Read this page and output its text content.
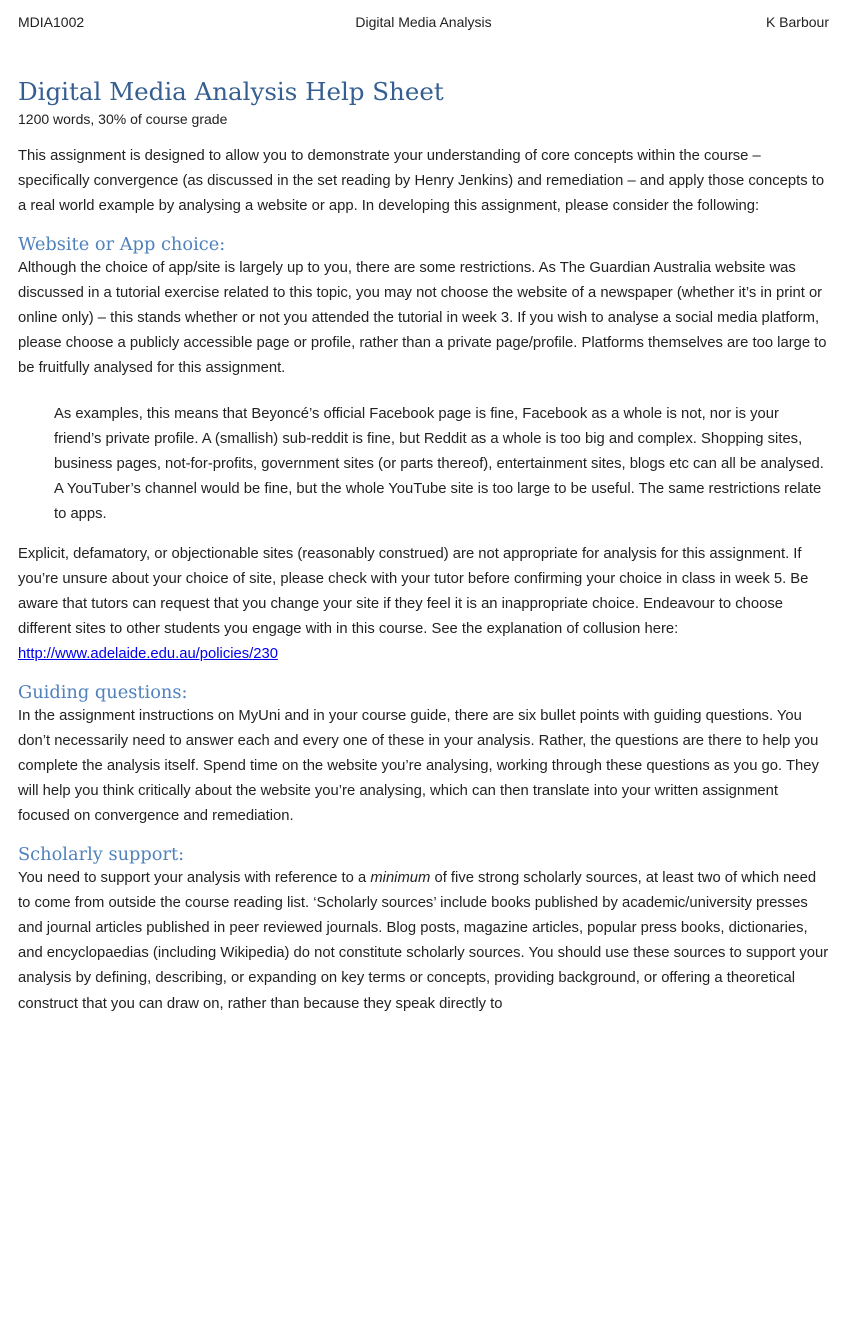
MDIA1002	Digital Media Analysis	K Barbour
Digital Media Analysis Help Sheet
1200 words, 30% of course grade

This assignment is designed to allow you to demonstrate your understanding of core concepts within the course – specifically convergence (as discussed in the set reading by Henry Jenkins) and remediation – and apply those concepts to a real world example by analysing a website or app. In developing this assignment, please consider the following:

Website or App choice:

Although the choice of app/site is largely up to you, there are some restrictions. As The Guardian Australia website was discussed in a tutorial exercise related to this topic, you may not choose the website of a newspaper (whether it’s in print or online only) – this stands whether or not you attended the tutorial in week 3. If you wish to analyse a social media platform, please choose a publicly accessible page or profile, rather than a private page/profile. Platforms themselves are too large to be fruitfully analysed for this assignment.

As examples, this means that Beyoncé’s official Facebook page is fine, Facebook as a whole is not, nor is your friend’s private profile. A (smallish) sub-reddit is fine, but Reddit as a whole is too big and complex. Shopping sites, business pages, not-for-profits, government sites (or parts thereof), entertainment sites, blogs etc can all be analysed. A YouTuber’s channel would be fine, but the whole YouTube site is too large to be useful. The same restrictions relate to apps.

Explicit, defamatory, or objectionable sites (reasonably construed) are not appropriate for analysis for this assignment. If you’re unsure about your choice of site, please check with your tutor before confirming your choice in class in week 5. Be aware that tutors can request that you change your site if they feel it is an inappropriate choice. Endeavour to choose different sites to other students you engage with in this course. See the explanation of collusion here:

http://www.adelaide.edu.au/policies/230
Guiding questions:

In the assignment instructions on MyUni and in your course guide, there are six bullet points with guiding questions. You don’t necessarily need to answer each and every one of these in your analysis. Rather, the questions are there to help you complete the analysis itself. Spend time on the website you’re analysing, working through these questions as you go. They will help you think critically about the website you’re analysing, which can then translate into your written assignment focused on convergence and remediation.

Scholarly support:

You need to support your analysis with reference to a minimum of five strong scholarly sources, at least two of which need to come from outside the course reading list. ‘Scholarly sources’ include books published by academic/university presses and journal articles published in peer reviewed journals. Blog posts, magazine articles, popular press books, dictionaries, and encyclopaedias (including Wikipedia) do not constitute scholarly sources. You should use these sources to support your analysis by defining, describing, or expanding on key terms or concepts, providing background, or offering a theoretical construct that you can draw on, rather than because they speak directly to
